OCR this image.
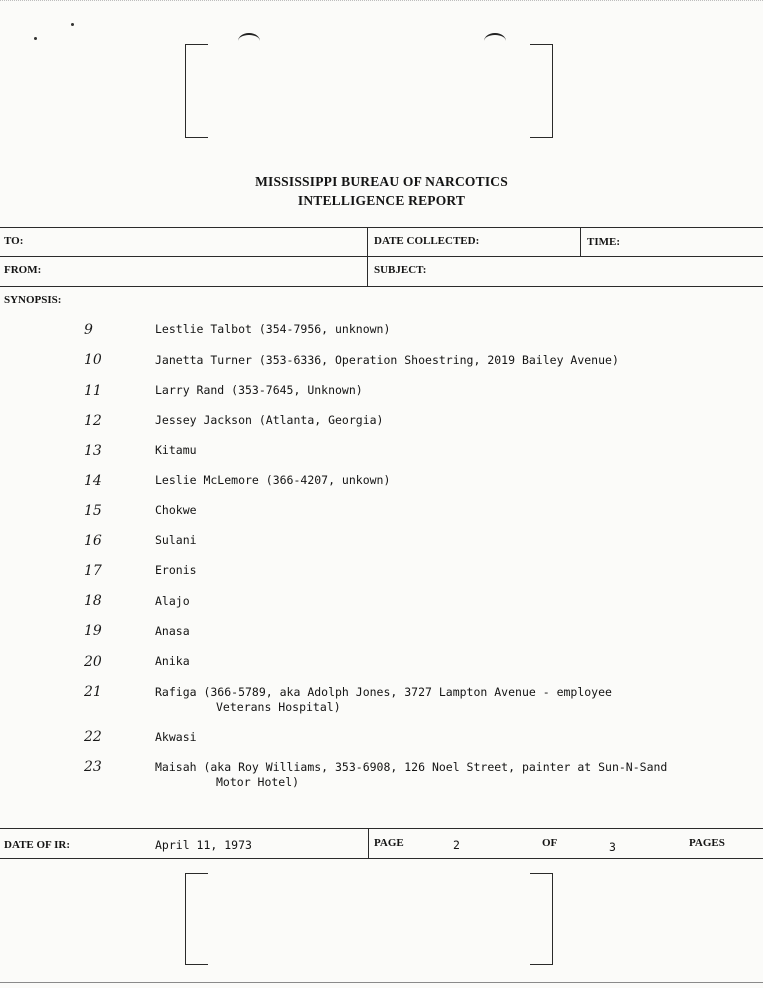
MISSISSIPPI BUREAU OF NARCOTICS
INTELLIGENCE REPORT
TO:	DATE COLLECTED:	TIME:
FROM:	SUBJECT:
SYNOPSIS:
9	Lestlie Talbot (354-7956, unknown)
10	Janetta Turner (353-6336, Operation Shoestring, 2019 Bailey Avenue)
11	Larry Rand (353-7645, Unknown)
12	Jessey Jackson (Atlanta, Georgia)
13	Kitamu
14	Leslie McLemore (366-4207, unkown)
15	Chokwe
16	Sulani
17	Eronis
18	Alajo
19	Anasa
20	Anika
21	Rafiga (366-5789, aka Adolph Jones, 3727 Lampton Avenue - employee
Veterans Hospital)
22	Akwasi
23	Maisah (aka Roy Williams, 353-6908, 126 Noel Street, painter at Sun-N-Sand
Motor Hotel)
DATE OF IR:	April 11, 1973	PAGE	2	OF	3	PAGES
